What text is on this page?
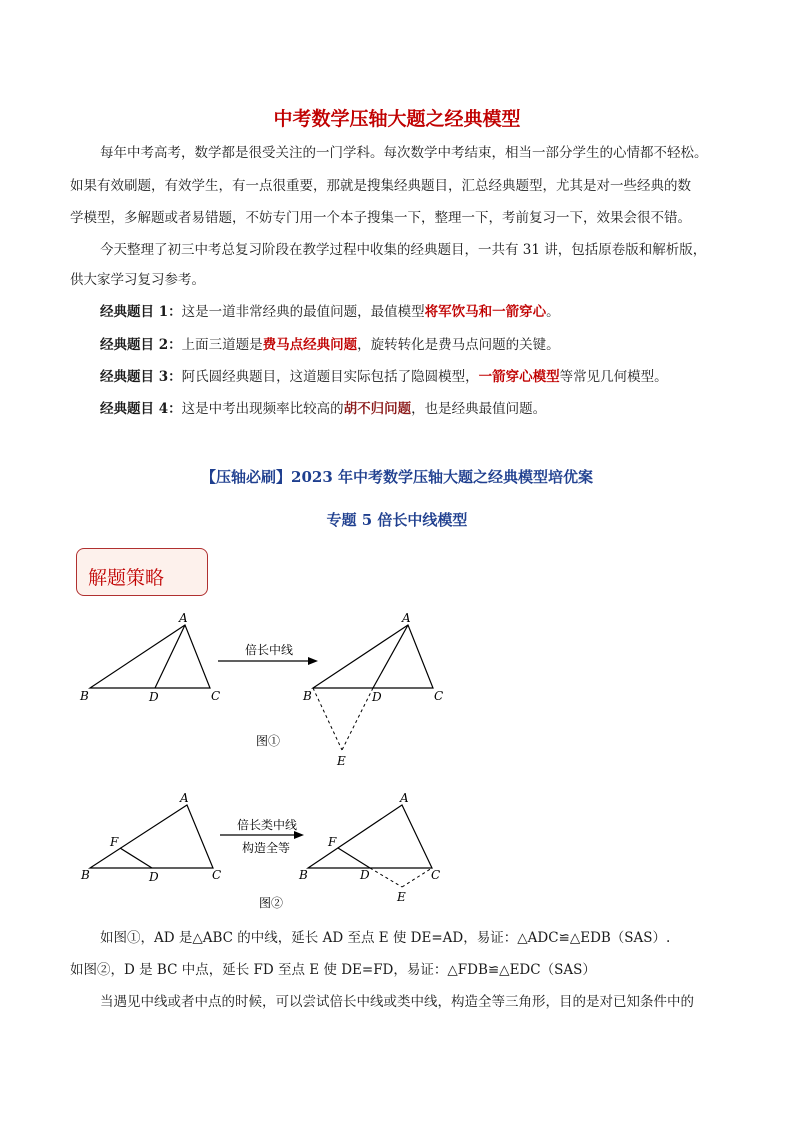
中考数学压轴大题之经典模型
每年中考高考，数学都是很受关注的一门学科。每次数学中考结束，相当一部分学生的心情都不轻松。
如果有效刷题，有效学生，有一点很重要，那就是搜集经典题目，汇总经典题型，尤其是对一些经典的数
学模型，多解题或者易错题，不妨专门用一个本子搜集一下，整理一下，考前复习一下，效果会很不错。
今天整理了初三中考总复习阶段在教学过程中收集的经典题目，一共有 31 讲，包括原卷版和解析版，
供大家学习复习参考。
经典题目 1：这是一道非常经典的最值问题，最值模型将军饮马和一箭穿心。
经典题目 2：上面三道题是费马点经典问题，旋转转化是费马点问题的关键。
经典题目 3：阿氏圆经典题目，这道题目实际包括了隐圆模型，一箭穿心模型等常见几何模型。
经典题目 4：这是中考出现频率比较高的胡不归问题，也是经典最值问题。
【压轴必刷】2023 年中考数学压轴大题之经典模型培优案
专题 5 倍长中线模型
解题策略
A
B	D	C
倍长中线
A
B	D	C
E
图①
A
F
B	D	C
倍长类中线
构造全等
A
F
B	D	C
E
图②
如图①，AD 是△ABC 的中线，延长 AD 至点 E 使 DE=AD，易证：△ADC≌△EDB（SAS）.
如图②，D 是 BC 中点，延长 FD 至点 E 使 DE=FD，易证：△FDB≌△EDC（SAS）
当遇见中线或者中点的时候，可以尝试倍长中线或类中线，构造全等三角形，目的是对已知条件中的
